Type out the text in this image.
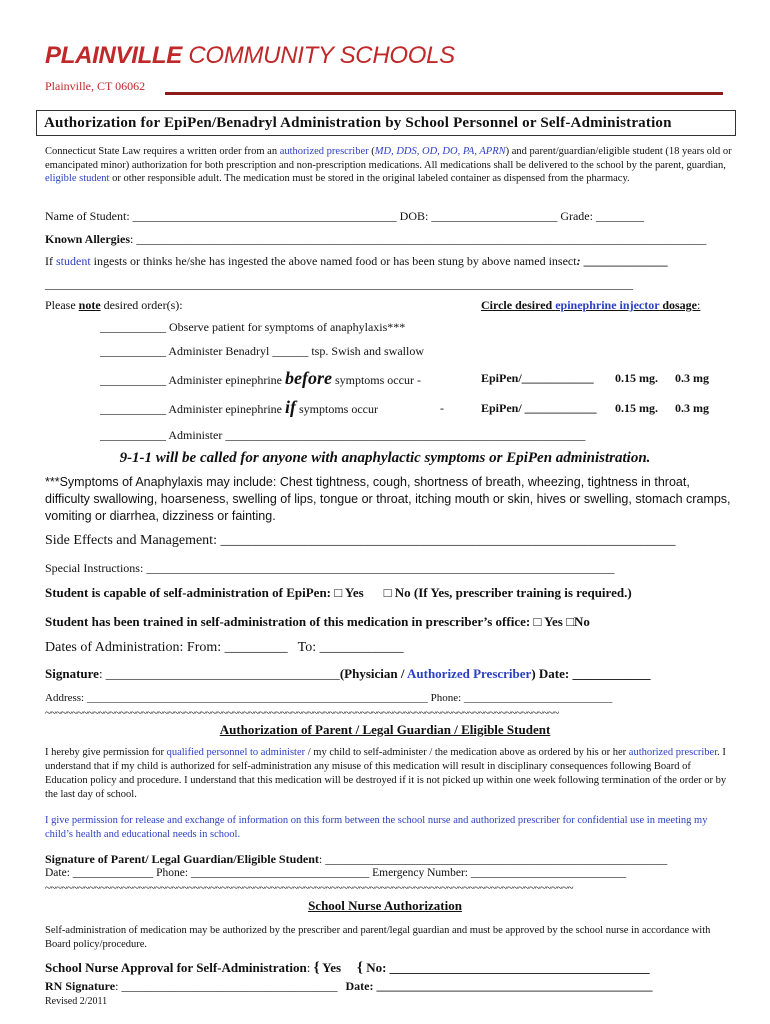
PLAINVILLE COMMUNITY SCHOOLS
Plainville, CT 06062
Authorization for EpiPen/Benadryl Administration by School Personnel or Self-Administration
Connecticut State Law requires a written order from an authorized prescriber (MD, DDS, OD, DO, PA, APRN) and parent/guardian/eligible student (18 years old or emancipated minor) authorization for both prescription and non-prescription medications. All medications shall be delivered to the school by the parent, guardian, eligible student or other responsible adult. The medication must be stored in the original labeled container as dispensed from the pharmacy.
Name of Student: ____________________________________________ DOB: _____________________ Grade: ________
Known Allergies: _______________________________________________________________________________________________
If student ingests or thinks he/she has ingested the above named food or has been stung by above named insect: ______________
__________________________________________________________________________________________________
Please note desired order(s):	Circle desired epinephrine injector dosage:
___________ Observe patient for symptoms of anaphylaxis***
___________ Administer Benadryl ______ tsp. Swish and swallow
___________ Administer epinephrine before symptoms occur -	EpiPen/____________ 0.15 mg. 0.3 mg
___________ Administer epinephrine if symptoms occur	-	EpiPen/ ____________ 0.15 mg. 0.3 mg
___________ Administer ____________________________________________________________
9-1-1 will be called for anyone with anaphylactic symptoms or EpiPen administration.
***Symptoms of Anaphylaxis may include: Chest tightness, cough, shortness of breath, wheezing, tightness in throat, difficulty swallowing, hoarseness, swelling of lips, tongue or throat, itching mouth or skin, hives or swelling, stomach cramps, vomiting or diarrhea, dizziness or fainting.
Side Effects and Management: _________________________________________________________________
Special Instructions: ______________________________________________________________________________
Student is capable of self-administration of EpiPen: □ Yes □ No (If Yes, prescriber training is required.)
Student has been trained in self-administration of this medication in prescriber’s office: □ Yes □No
Dates of Administration: From: _________ To: ____________
Signature: ____________________________________(Physician / Authorized Prescriber) Date: ____________
Address: ______________________________________________________________ Phone: ___________________________
~~~~~~~~~~~~~~~~~~~~~~~~~~~~~~~~~~~~~~~~~~~~~~~~~~~~~~~~~~~~~~~~~~~~~~~~~~~~~~~~~~~~~~~~~~~~~~~~
Authorization of Parent / Legal Guardian / Eligible Student
I hereby give permission for qualified personnel to administer / my child to self-administer / the medication above as ordered by his or her authorized prescriber. I understand that if my child is authorized for self-administration any misuse of this medication will result in disciplinary consequences following Board of Education policy and procedure. I understand that this medication will be destroyed if it is not picked up within one week following termination of the order or by the last day of school.
I give permission for release and exchange of information on this form between the school nurse and authorized prescriber for confidential use in meeting my child’s health and educational needs in school.
Signature of Parent/ Legal Guardian/Eligible Student: _________________________________________________________
Date: ______________ Phone: _______________________________ Emergency Number: ___________________________
~~~~~~~~~~~~~~~~~~~~~~~~~~~~~~~~~~~~~~~~~~~~~~~~~~~~~~~~~~~~~~~~~~~~~~~~~~~~~~~~~~~~~~~~~~~~~~~~
School Nurse Authorization
Self-administration of medication may be authorized by the prescriber and parent/legal guardian and must be approved by the school nurse in accordance with Board policy/procedure.
School Nurse Approval for Self-Administration: { Yes { No: ________________________________________
RN Signature: ____________________________________ Date: ______________________________________________
Revised 2/2011
